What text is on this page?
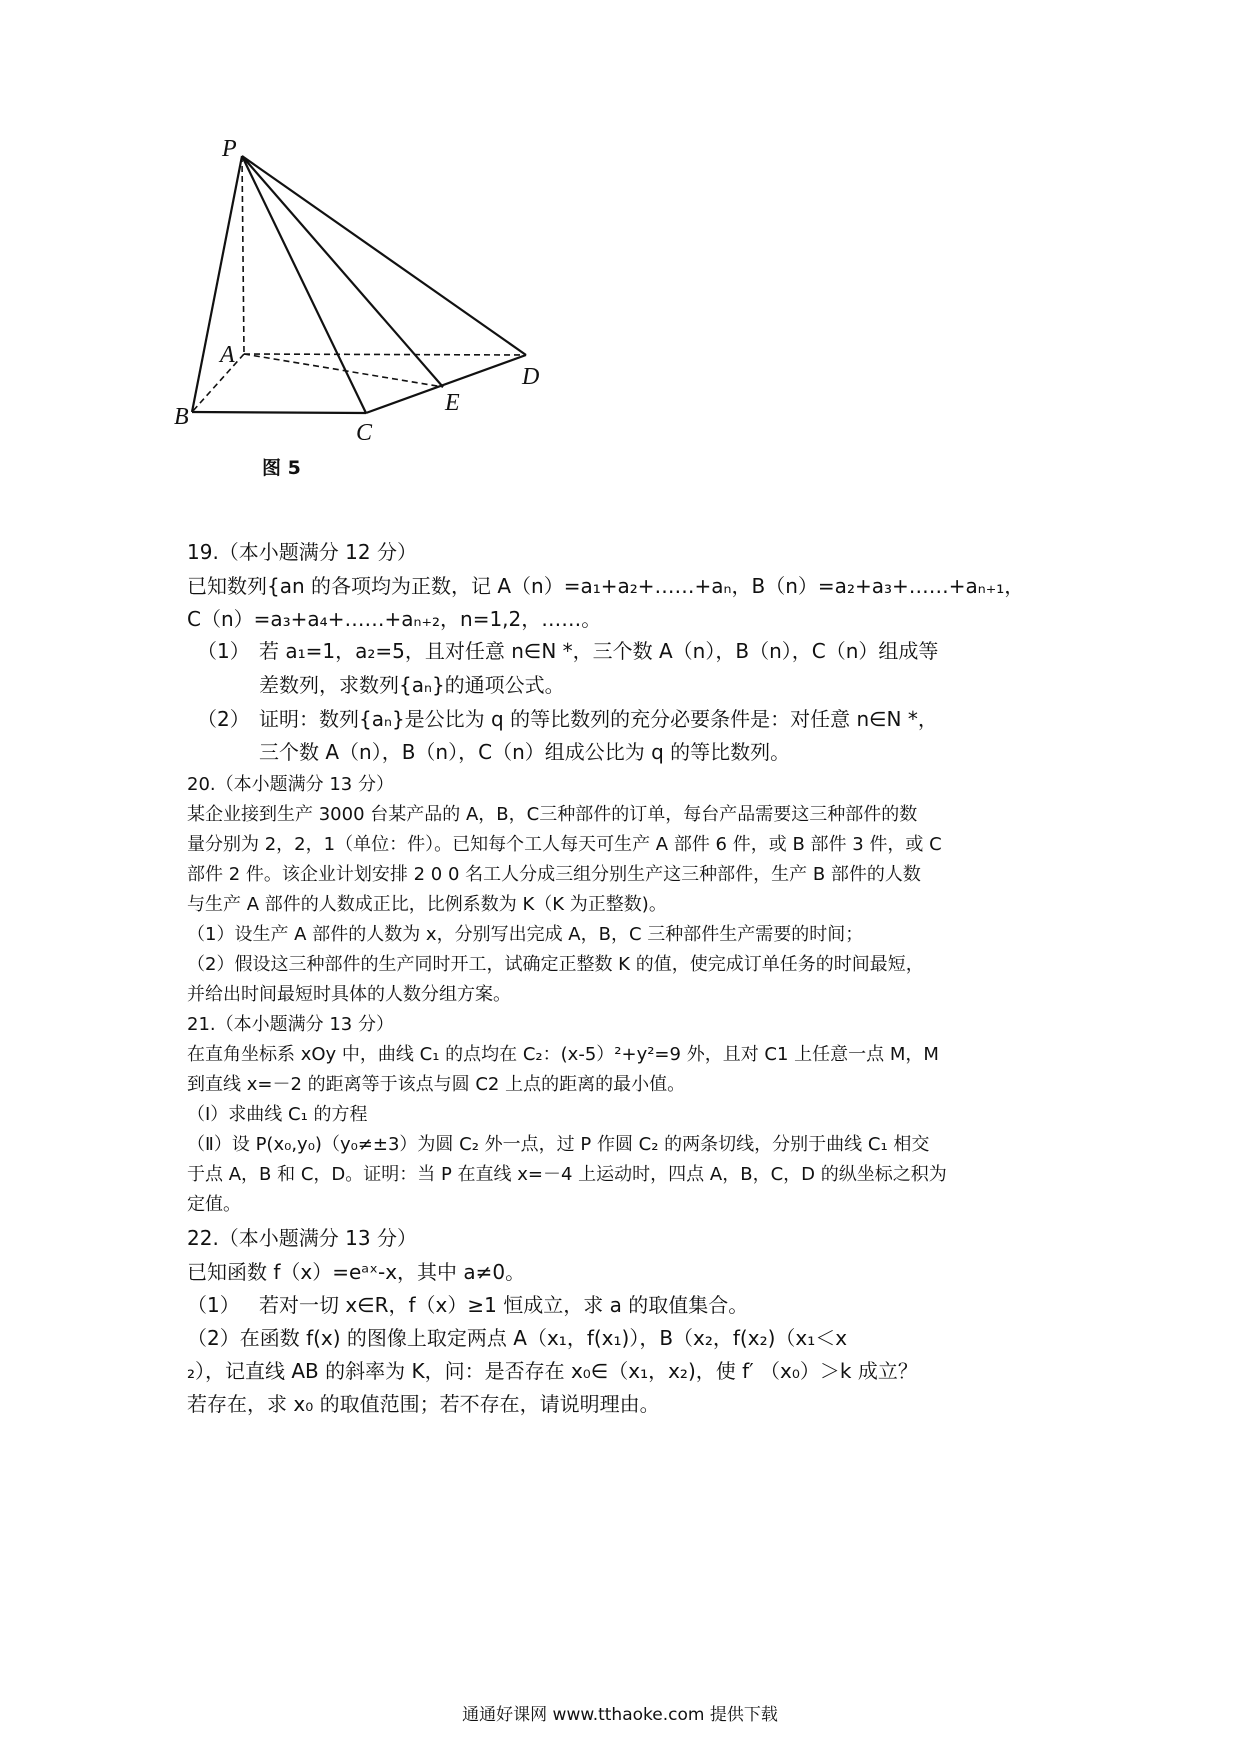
P
A
B
C
D
E
图 5
19.（本小题满分 12 分）
已知数列{an 的各项均为正数，记 A（n）=a₁+a₂+……+aₙ，B（n）=a₂+a₃+……+aₙ₊₁，
C（n）=a₃+a₄+……+aₙ₊₂，n=1,2，……。
（1） 若 a₁=1，a₂=5，且对任意 n∈N *，三个数 A（n），B（n），C（n）组成等
差数列，求数列{aₙ}的通项公式。
（2） 证明：数列{aₙ}是公比为 q 的等比数列的充分必要条件是：对任意 n∈N *，
三个数 A（n），B（n），C（n）组成公比为 q 的等比数列。
20.（本小题满分 13 分）
某企业接到生产 3000 台某产品的 A，B，C三种部件的订单，每台产品需要这三种部件的数
量分别为 2，2，1（单位：件）。已知每个工人每天可生产 A 部件 6 件，或 B 部件 3 件，或 C
部件 2 件。该企业计划安排 2 0 0 名工人分成三组分别生产这三种部件，生产 B 部件的人数
与生产 A 部件的人数成正比，比例系数为 K（K 为正整数)。
（1）设生产 A 部件的人数为 x，分别写出完成 A，B，C 三种部件生产需要的时间；
（2）假设这三种部件的生产同时开工，试确定正整数 K 的值，使完成订单任务的时间最短，
并给出时间最短时具体的人数分组方案。
21.（本小题满分 13 分）
在直角坐标系 xOy 中，曲线 C₁ 的点均在 C₂：(x-5）²+y²=9 外，且对 C1 上任意一点 M，M
到直线 x=－2 的距离等于该点与圆 C2 上点的距离的最小值。
（Ⅰ）求曲线 C₁ 的方程
（Ⅱ）设 P(x₀,y₀)（y₀≠±3）为圆 C₂ 外一点，过 P 作圆 C₂ 的两条切线，分别于曲线 C₁ 相交
于点 A，B 和 C，D。证明：当 P 在直线 x=－4 上运动时，四点 A，B，C，D 的纵坐标之积为
定值。
22.（本小题满分 13 分）
已知函数 f（x）=eᵃˣ-x，其中 a≠0。
（1） 若对一切 x∈R，f（x）≥1 恒成立，求 a 的取值集合。
（2）在函数 f(x) 的图像上取定两点 A（x₁，f(x₁)），B（x₂，f(x₂)（x₁＜x
₂），记直线 AB 的斜率为 K，问：是否存在 x₀∈（x₁，x₂)，使 f′ （x₀）＞k 成立？
若存在，求 x₀ 的取值范围；若不存在，请说明理由。
通通好课网 www.tthaoke.com 提供下载
